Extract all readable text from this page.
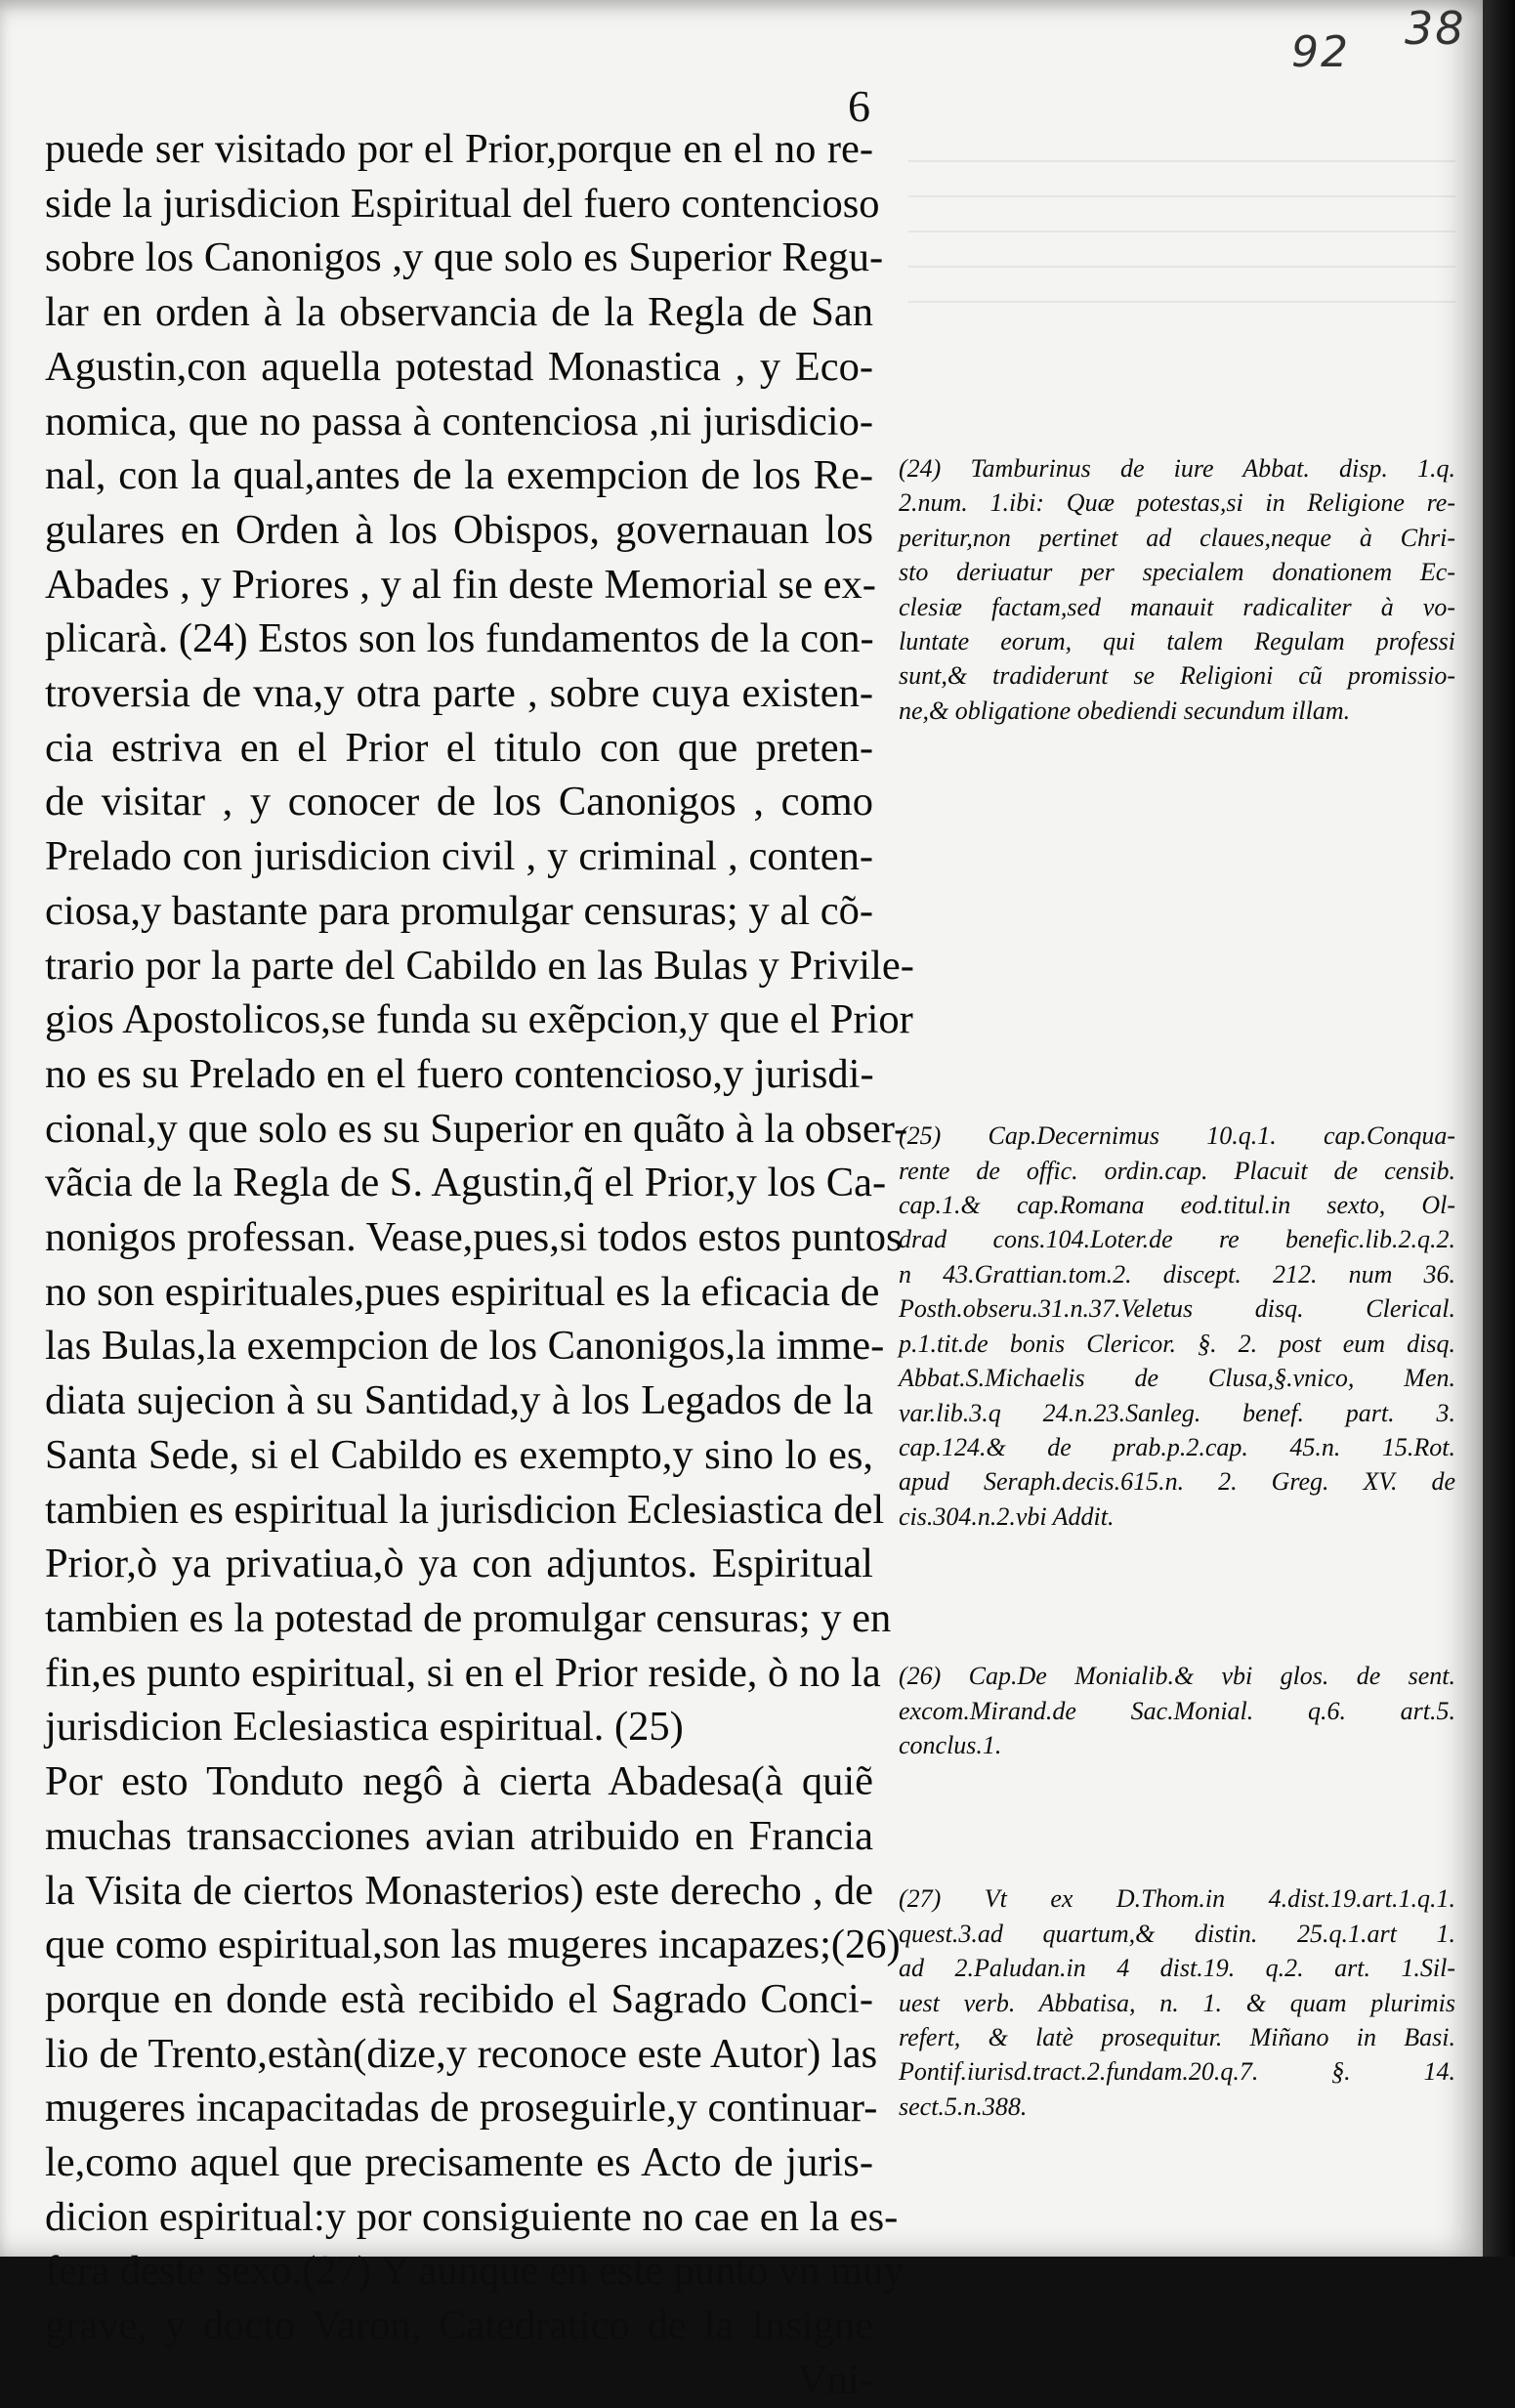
92 38
6
puede ser visitado por el Prior,porque en el no re-
side la jurisdicion Espiritual del fuero contencioso
sobre los Canonigos ,y que solo es Superior Regu-
lar en orden à la observancia de la Regla de San
Agustin,con aquella potestad Monastica , y Eco-
nomica, que no passa à contenciosa ,ni jurisdicio-
nal, con la qual,antes de la exempcion de los Re-
gulares en Orden à los Obispos, governauan los
Abades , y Priores , y al fin deste Memorial se ex-
plicarà. (24) Estos son los fundamentos de la con-
troversia de vna,y otra parte , sobre cuya existen-
cia estriva en el Prior el titulo con que preten-
de visitar , y conocer de los Canonigos , como
Prelado con jurisdicion civil , y criminal , conten-
ciosa,y bastante para promulgar censuras; y al cõ-
trario por la parte del Cabildo en las Bulas y Privile-
gios Apostolicos,se funda su exẽpcion,y que el Prior
no es su Prelado en el fuero contencioso,y jurisdi-
cional,y que solo es su Superior en quãto à la obser-
vãcia de la Regla de S. Agustin,q̃ el Prior,y los Ca-
nonigos professan. Vease,pues,si todos estos puntos
no son espirituales,pues espiritual es la eficacia de
las Bulas,la exempcion de los Canonigos,la imme-
diata sujecion à su Santidad,y à los Legados de la
Santa Sede, si el Cabildo es exempto,y sino lo es,
tambien es espiritual la jurisdicion Eclesiastica del
Prior,ò ya privatiua,ò ya con adjuntos. Espiritual
tambien es la potestad de promulgar censuras; y en
fin,es punto espiritual, si en el Prior reside, ò no la
jurisdicion Eclesiastica espiritual. (25)
Por esto Tonduto negô à cierta Abadesa(à quiẽ
muchas transacciones avian atribuido en Francia
la Visita de ciertos Monasterios) este derecho , de
que como espiritual,son las mugeres incapazes;(26)
porque en donde està recibido el Sagrado Conci-
lio de Trento,estàn(dize,y reconoce este Autor) las
mugeres incapacitadas de proseguirle,y continuar-
le,como aquel que precisamente es Acto de juris-
dicion espiritual:y por consiguiente no cae en la es-
fera deste sexo.(27) Y aunque en este punto vn muy
grave, y docto Varon, Catedratico de la Insigne
Vni-
(24) Tamburinus de iure Abbat. disp. 1.q.
2.num. 1.ibi: Quæ potestas,si in Religione re-
peritur,non pertinet ad claues,neque à Chri-
sto deriuatur per specialem donationem Ec-
clesiæ factam,sed manauit radicaliter à vo-
luntate eorum, qui talem Regulam professi
sunt,& tradiderunt se Religioni cũ promissio-
ne,& obligatione obediendi secundum illam.
(25) Cap.Decernimus 10.q.1. cap.Conqua-
rente de offic. ordin.cap. Placuit de censib.
cap.1.& cap.Romana eod.titul.in sexto, Ol-
drad cons.104.Loter.de re benefic.lib.2.q.2.
n 43.Grattian.tom.2. discept. 212. num 36.
Posth.obseru.31.n.37.Veletus disq. Clerical.
p.1.tit.de bonis Clericor. §. 2. post eum disq.
Abbat.S.Michaelis de Clusa,§.vnico, Men.
var.lib.3.q 24.n.23.Sanleg. benef. part. 3.
cap.124.& de prab.p.2.cap. 45.n. 15.Rot.
apud Seraph.decis.615.n. 2. Greg. XV. de
cis.304.n.2.vbi Addit.
(26) Cap.De Monialib.& vbi glos. de sent.
excom.Mirand.de Sac.Monial. q.6. art.5.
conclus.1.
(27) Vt ex D.Thom.in 4.dist.19.art.1.q.1.
quest.3.ad quartum,& distin. 25.q.1.art 1.
ad 2.Paludan.in 4 dist.19. q.2. art. 1.Sil-
uest verb. Abbatisa, n. 1. & quam plurimis
refert, & latè prosequitur. Miñano in Basi.
Pontif.iurisd.tract.2.fundam.20.q.7. §. 14.
sect.5.n.388.
